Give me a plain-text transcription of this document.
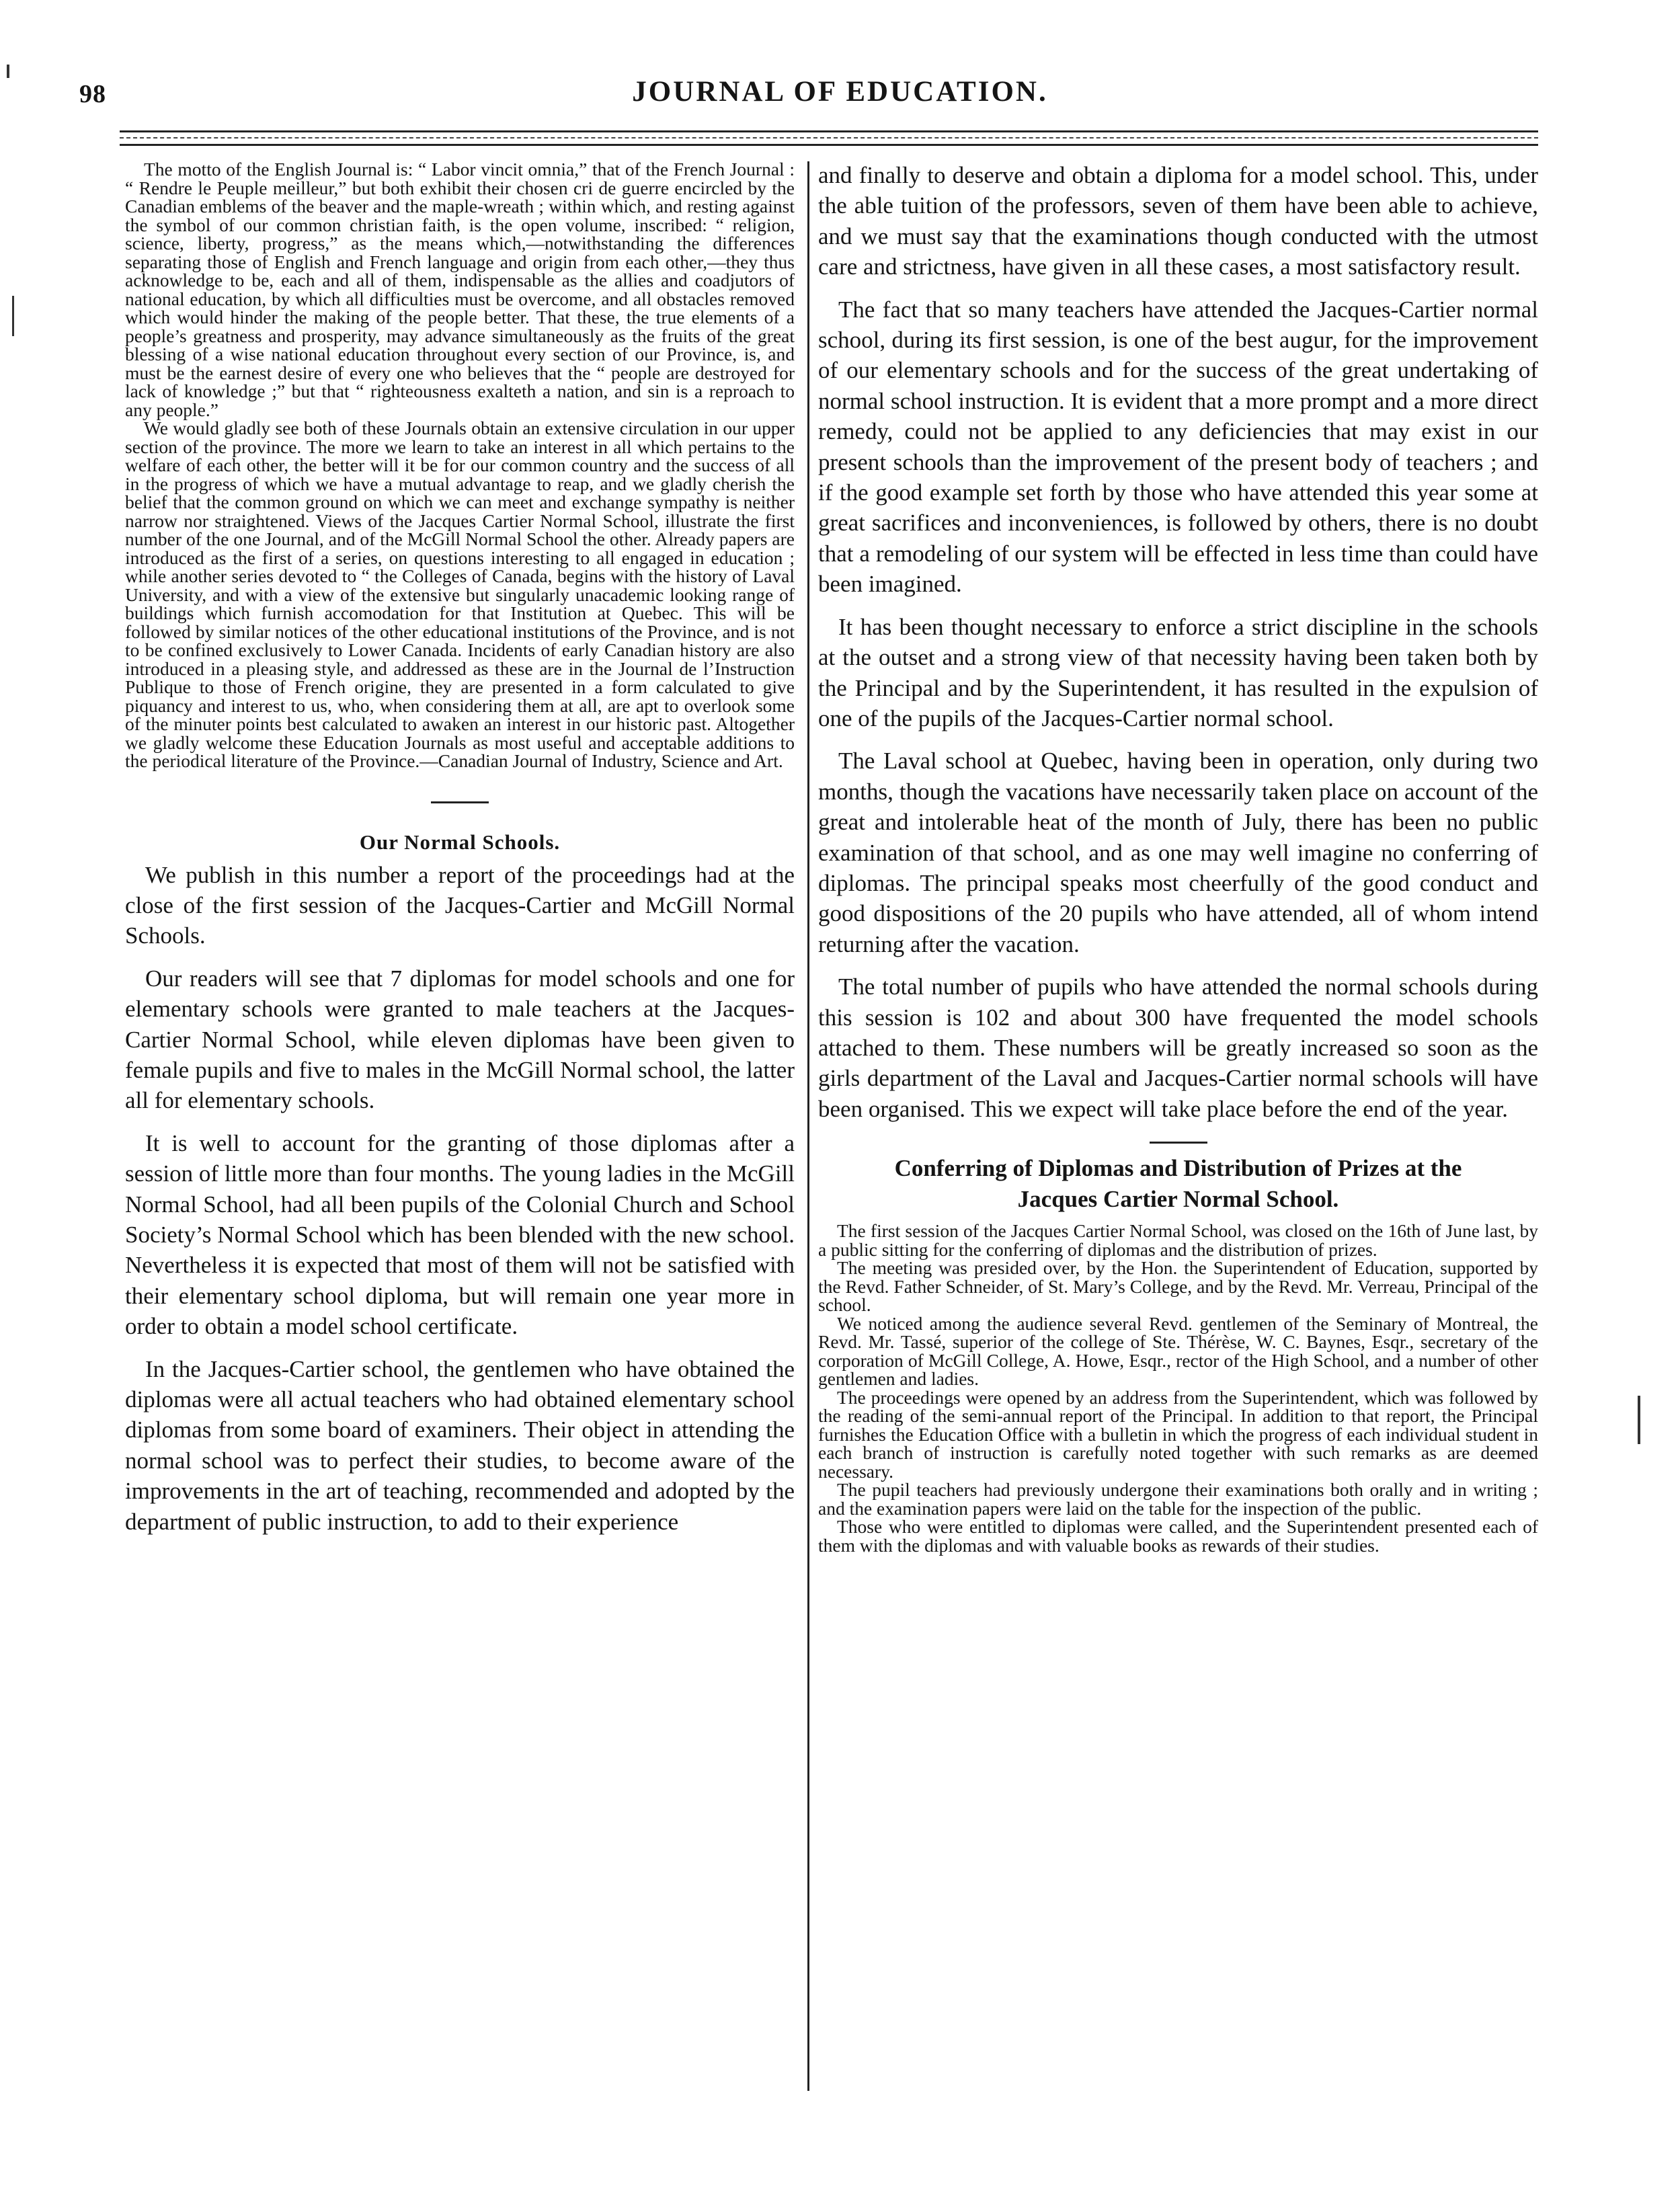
98	JOURNAL OF EDUCATION.

The motto of the English Journal is: “ Labor vincit omnia,” that of the French Journal : “ Rendre le Peuple meilleur,” but both exhibit their chosen cri de guerre encircled by the Canadian emblems of the beaver and the maple-wreath ; within which, and resting against the symbol of our common christian faith, is the open volume, inscribed: “ religion, science, liberty, progress,” as the means which,—notwithstanding the differences separating those of English and French language and origin from each other,—they thus acknowledge to be, each and all of them, indispensable as the allies and coadjutors of national education, by which all difficulties must be overcome, and all obstacles removed which would hinder the making of the people better. That these, the true elements of a people’s greatness and prosperity, may advance simultaneously as the fruits of the great blessing of a wise national education throughout every section of our Province, is, and must be the earnest desire of every one who believes that the “ people are destroyed for lack of knowledge ;” but that “ righteousness exalteth a nation, and sin is a reproach to any people.”

We would gladly see both of these Journals obtain an extensive circulation in our upper section of the province. The more we learn to take an interest in all which pertains to the welfare of each other, the better will it be for our common country and the success of all in the progress of which we have a mutual advantage to reap, and we gladly cherish the belief that the common ground on which we can meet and exchange sympathy is neither narrow nor straightened. Views of the Jacques Cartier Normal School, illustrate the first number of the one Journal, and of the McGill Normal School the other. Already papers are introduced as the first of a series, on questions interesting to all engaged in education ; while another series devoted to “ the Colleges of Canada, begins with the history of Laval University, and with a view of the extensive but singularly unacademic looking range of buildings which furnish accomodation for that Institution at Quebec. This will be followed by similar notices of the other educational institutions of the Province, and is not to be confined exclusively to Lower Canada. Incidents of early Canadian history are also introduced in a pleasing style, and addressed as these are in the Journal de l’Instruction Publique to those of French origine, they are presented in a form calculated to give piquancy and interest to us, who, when considering them at all, are apt to overlook some of the minuter points best calculated to awaken an interest in our historic past. Altogether we gladly welcome these Education Journals as most useful and acceptable additions to the periodical literature of the Province.—Canadian Journal of Industry, Science and Art.

Our Normal Schools.

We publish in this number a report of the proceedings had at the close of the first session of the Jacques-Cartier and McGill Normal Schools.

Our readers will see that 7 diplomas for model schools and one for elementary schools were granted to male teachers at the Jacques-Cartier Normal School, while eleven diplomas have been given to female pupils and five to males in the McGill Normal school, the latter all for elementary schools.

It is well to account for the granting of those diplomas after a session of little more than four months. The young ladies in the McGill Normal School, had all been pupils of the Colonial Church and School Society’s Normal School which has been blended with the new school. Nevertheless it is expected that most of them will not be satisfied with their elementary school diploma, but will remain one year more in order to obtain a model school certificate.

In the Jacques-Cartier school, the gentlemen who have obtained the diplomas were all actual teachers who had obtained elementary school diplomas from some board of examiners. Their object in attending the normal school was to perfect their studies, to become aware of the improvements in the art of teaching, recommended and adopted by the department of public instruction, to add to their experience

and finally to deserve and obtain a diploma for a model school. This, under the able tuition of the professors, seven of them have been able to achieve, and we must say that the examinations though conducted with the utmost care and strictness, have given in all these cases, a most satisfactory result.

The fact that so many teachers have attended the Jacques-Cartier normal school, during its first session, is one of the best augur, for the improvement of our elementary schools and for the success of the great undertaking of normal school instruction. It is evident that a more prompt and a more direct remedy, could not be applied to any deficiencies that may exist in our present schools than the improvement of the present body of teachers ; and if the good example set forth by those who have attended this year some at great sacrifices and inconveniences, is followed by others, there is no doubt that a remodeling of our system will be effected in less time than could have been imagined.

It has been thought necessary to enforce a strict discipline in the schools at the outset and a strong view of that necessity having been taken both by the Principal and by the Superintendent, it has resulted in the expulsion of one of the pupils of the Jacques-Cartier normal school.

The Laval school at Quebec, having been in operation, only during two months, though the vacations have necessarily taken place on account of the great and intolerable heat of the month of July, there has been no public examination of that school, and as one may well imagine no conferring of diplomas. The principal speaks most cheerfully of the good conduct and good dispositions of the 20 pupils who have attended, all of whom intend returning after the vacation.

The total number of pupils who have attended the normal schools during this session is 102 and about 300 have frequented the model schools attached to them. These numbers will be greatly increased so soon as the girls department of the Laval and Jacques-Cartier normal schools will have been organised. This we expect will take place before the end of the year.

Conferring of Diplomas and Distribution of Prizes at the
Jacques Cartier Normal School.

The first session of the Jacques Cartier Normal School, was closed on the 16th of June last, by a public sitting for the conferring of diplomas and the distribution of prizes.

The meeting was presided over, by the Hon. the Superintendent of Education, supported by the Revd. Father Schneider, of St. Mary’s College, and by the Revd. Mr. Verreau, Principal of the school.

We noticed among the audience several Revd. gentlemen of the Seminary of Montreal, the Revd. Mr. Tassé, superior of the college of Ste. Thérèse, W. C. Baynes, Esqr., secretary of the corporation of McGill College, A. Howe, Esqr., rector of the High School, and a number of other gentlemen and ladies.

The proceedings were opened by an address from the Superintendent, which was followed by the reading of the semi-annual report of the Principal. In addition to that report, the Principal furnishes the Education Office with a bulletin in which the progress of each individual student in each branch of instruction is carefully noted together with such remarks as are deemed necessary.

The pupil teachers had previously undergone their examinations both orally and in writing ; and the examination papers were laid on the table for the inspection of the public.

Those who were entitled to diplomas were called, and the Superintendent presented each of them with the diplomas and with valuable books as rewards of their studies.
